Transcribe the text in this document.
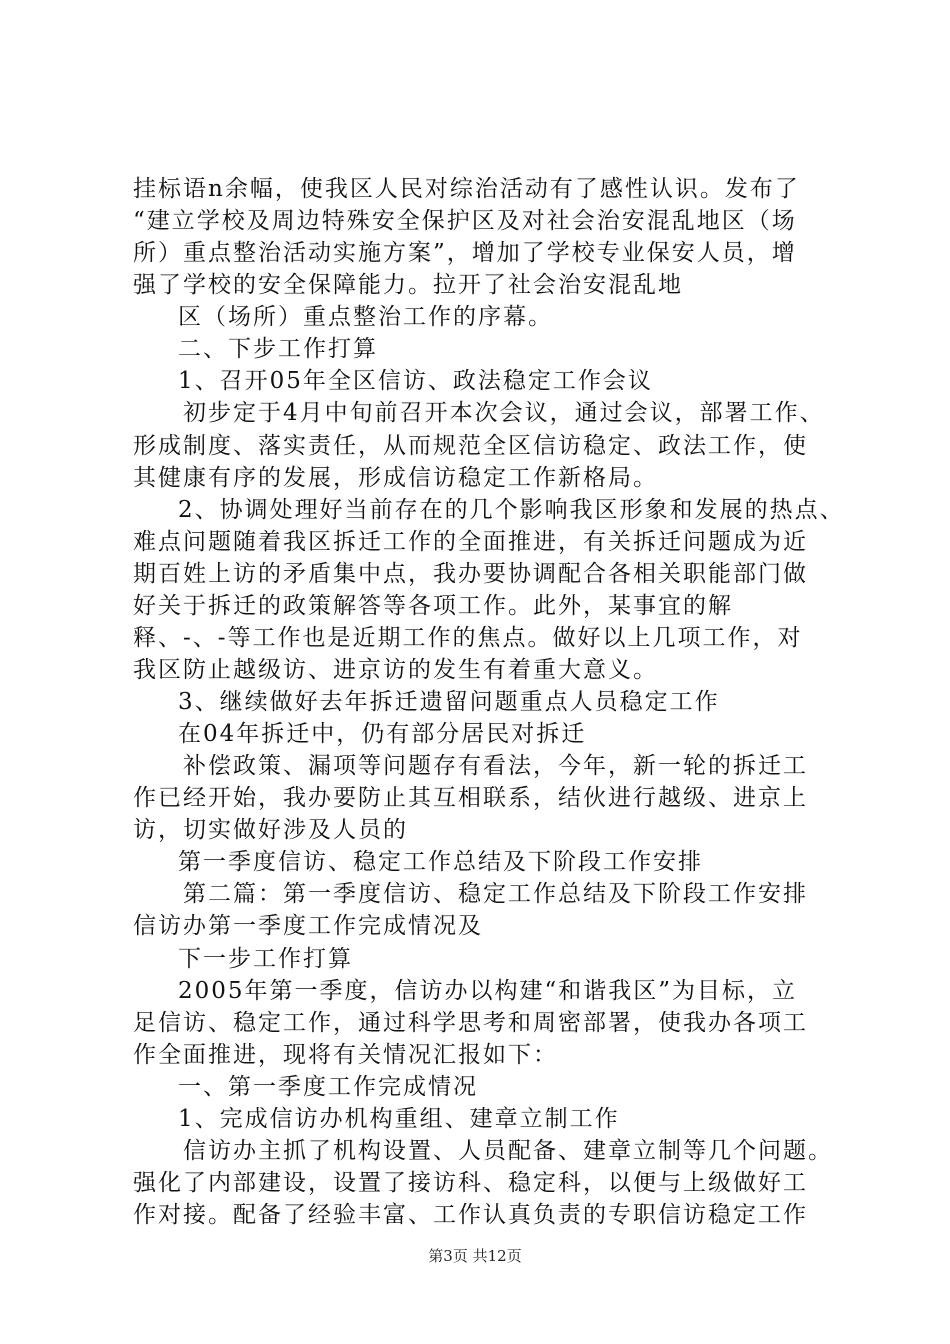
挂标语n余幅，使我区人民对综治活动有了感性认识。发布了
“建立学校及周边特殊安全保护区及对社会治安混乱地区（场
所）重点整治活动实施方案”，增加了学校专业保安人员，增
强了学校的安全保障能力。拉开了社会治安混乱地
区（场所）重点整治工作的序幕。
二、下步工作打算
1、召开05年全区信访、政法稳定工作会议
初步定于4月中旬前召开本次会议，通过会议，部署工作、
形成制度、落实责任，从而规范全区信访稳定、政法工作，使
其健康有序的发展，形成信访稳定工作新格局。
2、协调处理好当前存在的几个影响我区形象和发展的热点、
难点问题随着我区拆迁工作的全面推进，有关拆迁问题成为近
期百姓上访的矛盾集中点，我办要协调配合各相关职能部门做
好关于拆迁的政策解答等各项工作。此外，某事宜的解
释、-、-等工作也是近期工作的焦点。做好以上几项工作，对
我区防止越级访、进京访的发生有着重大意义。
3、继续做好去年拆迁遗留问题重点人员稳定工作
在04年拆迁中，仍有部分居民对拆迁
补偿政策、漏项等问题存有看法，今年，新一轮的拆迁工
作已经开始，我办要防止其互相联系，结伙进行越级、进京上
访，切实做好涉及人员的
第一季度信访、稳定工作总结及下阶段工作安排
第二篇：第一季度信访、稳定工作总结及下阶段工作安排
信访办第一季度工作完成情况及
下一步工作打算
2005年第一季度，信访办以构建“和谐我区”为目标，立
足信访、稳定工作，通过科学思考和周密部署，使我办各项工
作全面推进，现将有关情况汇报如下：
一、第一季度工作完成情况
1、完成信访办机构重组、建章立制工作
信访办主抓了机构设置、人员配备、建章立制等几个问题。
强化了内部建设，设置了接访科、稳定科，以便与上级做好工
作对接。配备了经验丰富、工作认真负责的专职信访稳定工作
第3页 共12页
